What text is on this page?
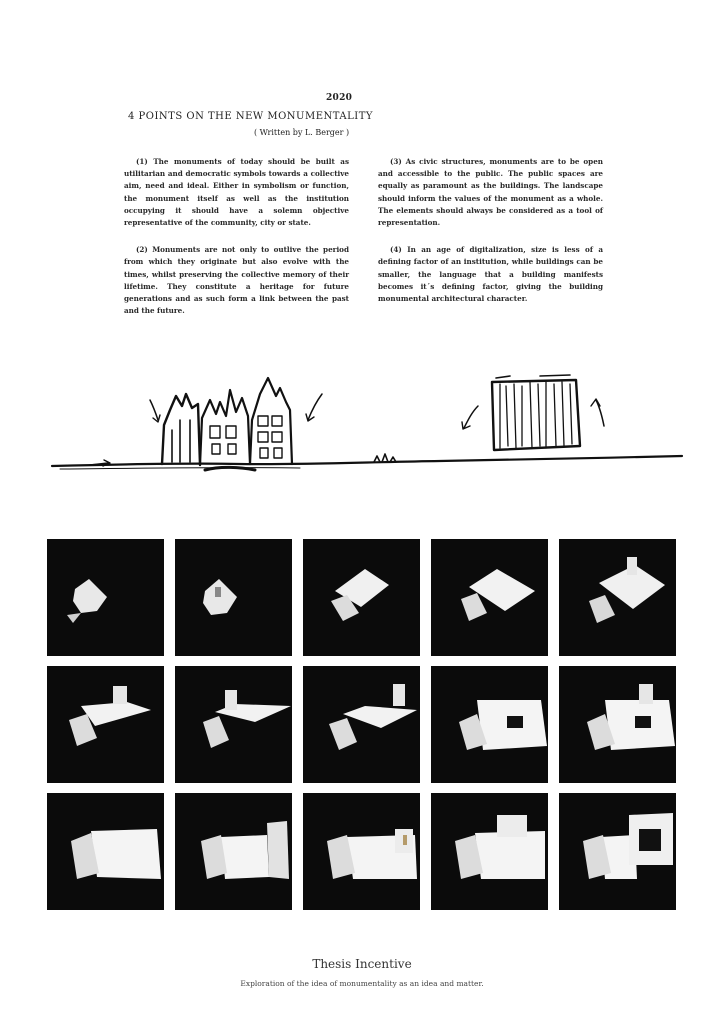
2020
4 POINTS ON THE NEW MONUMENTALITY
( Written by L. Berger )

(1) The monuments of today should be built as utilitarian and democratic symbols towards a collective aim, need and ideal. Either in symbolism or function, the monument itself as well as the institution occupying it should have a solemn objective representative of the community, city or state.

(2) Monuments are not only to outlive the period from which they originate but also evolve with the times, whilst preserving the collective memory of their lifetime. They constitute a heritage for future generations and as such form a link between the past and the future.

(3) As civic structures, monuments are to be open and accessible to the public. The public spaces are equally as paramount as the buildings. The landscape should inform the values of the monument as a whole. The elements should always be considered as a tool of representation.

(4) In an age of digitalization, size is less of a defining factor of an institution, while buildings can be smaller, the language that a building manifests becomes it´s defining factor, giving the building monumental architectural character.

Thesis Incentive
Exploration of the idea of monumentality as an idea and matter.
